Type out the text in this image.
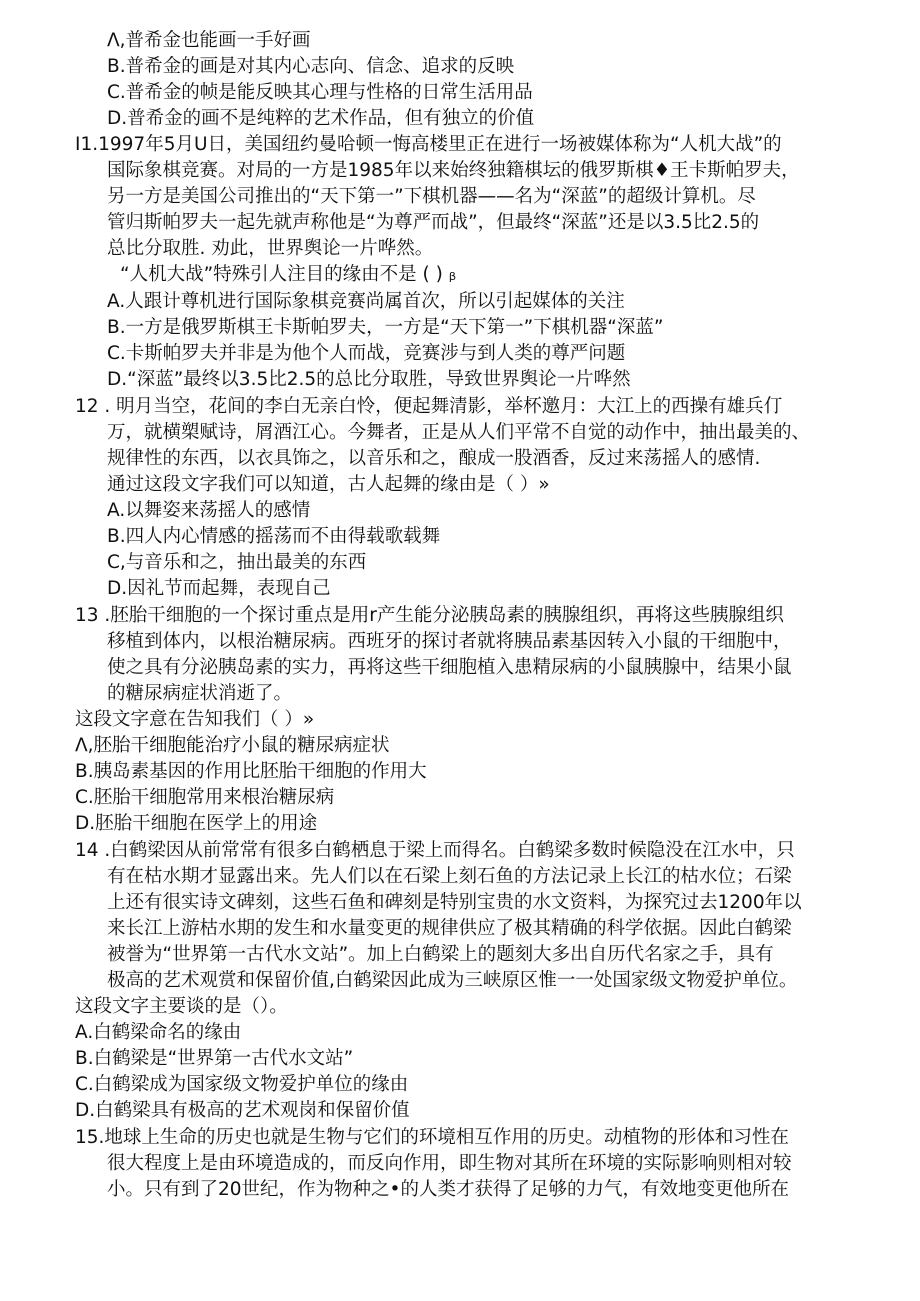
Λ,普希金也能画一手好画
B.普希金的画是对其内心志向、信念、追求的反映
C.普希金的帧是能反映其心理与性格的日常生活用品
D.普希金的画不是纯粹的艺术作品，但有独立的价值
I1.1997年5月U日，美国纽约曼哈顿一悔高楼里正在进行一场被媒体称为“人机大战”的
国际象棋竞赛。对局的一方是1985年以来始终独籍棋坛的俄罗斯棋♦王卡斯帕罗夫，
另一方是美国公司推出的“天下第一”下棋机器——名为“深蓝”的超级计算机。尽
管归斯帕罗夫一起先就声称他是“为尊严而战”，但最终“深蓝”还是以3.5比2.5的
总比分取胜. 劝此，世界舆论一片哗然。
“人机大战”特殊引人注目的缘由不是 ( ) ᵦ
A.人跟计尊机进行国际象棋竞赛尚属首次，所以引起媒体的关注
B.一方是俄罗斯棋王卡斯帕罗夫，一方是“天下第一”下棋机器“深蓝”
C.卡斯帕罗夫并非是为他个人而战，竞赛涉与到人类的尊严问题
D.“深蓝”最终以3.5比2.5的总比分取胜，导致世界舆论一片哗然
12 . 明月当空，花间的李白无亲白怜，便起舞清影，举杯邀月：大江上的西操有雄兵仃
万，就横槊赋诗，屑酒江心。今舞者，正是从人们平常不自觉的动作中，抽出最美的、
规律性的东西，以衣具饰之，以音乐和之，酿成一股酒香，反过来荡摇人的感情.
通过这段文字我们可以知道，古人起舞的缘由是（ ）»
A.以舞姿来荡摇人的感情
B.四人内心情感的摇荡而不由得载歌载舞
C,与音乐和之，抽出最美的东西
D.因礼节而起舞，表现自己
13 .胚胎干细胞的一个探讨重点是用r产生能分泌胰岛素的胰腺组织，再将这些胰腺组织
移植到体内，以根治糖尿病。西班牙的探讨者就将胰品素基因转入小鼠的干细胞中，
使之具有分泌胰岛素的实力，再将这些干细胞植入患精尿病的小鼠胰腺中，结果小鼠
的糖尿病症状消逝了。
这段文字意在告知我们（ ）»
Λ,胚胎干细胞能治疗小鼠的糖尿病症状
B.胰岛素基因的作用比胚胎干细胞的作用大
C.胚胎干细胞常用来根治糖尿病
D.胚胎干细胞在医学上的用途
14 .白鹤梁因从前常常有很多白鹤栖息于梁上而得名。白鹤梁多数时候隐没在江水中，只
有在枯水期才显露出来。先人们以在石梁上刻石鱼的方法记录上长江的枯水位；石梁
上还有很实诗文碑刻，这些石鱼和碑刻是特别宝贵的水文资料，为探究过去1200年以
来长江上游枯水期的发生和水量变更的规律供应了极其精确的科学依据。因此白鹤梁
被誉为“世界第一古代水文站”。加上白鹤梁上的题刻大多出自历代名家之手，具有
极高的艺术观赏和保留价值,白鹤梁因此成为三峡原区惟一一处国家级文物爱护单位。
这段文字主要谈的是（）。
A.白鹤梁命名的缘由
B.白鹤梁是“世界第一古代水文站”
C.白鹤梁成为国家级文物爱护单位的缘由
D.白鹤梁具有极高的艺术观岗和保留价值
15.地球上生命的历史也就是生物与它们的环境相互作用的历史。动植物的形体和习性在
很大程度上是由环境造成的，而反向作用，即生物对其所在环境的实际影响则相对较
小。只有到了20世纪，作为物种之•的人类才获得了足够的力气，有效地变更他所在
